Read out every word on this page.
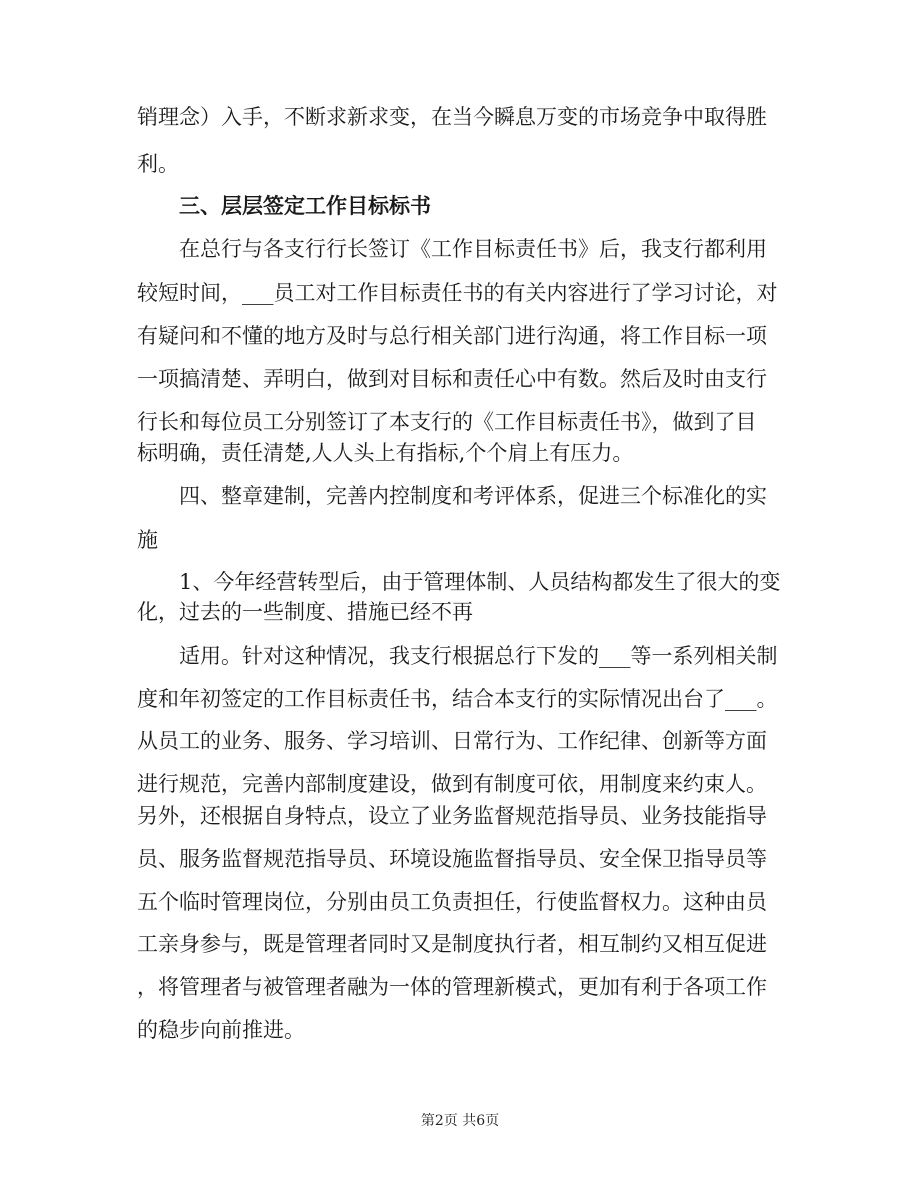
销理念）入手，不断求新求变，在当今瞬息万变的市场竞争中取得胜
利。
三、层层签定工作目标标书
在总行与各支行行长签订《工作目标责任书》后，我支行都利用
较短时间，___员工对工作目标责任书的有关内容进行了学习讨论，对
有疑问和不懂的地方及时与总行相关部门进行沟通，将工作目标一项
一项搞清楚、弄明白，做到对目标和责任心中有数。然后及时由支行
行长和每位员工分别签订了本支行的《工作目标责任书》，做到了目
标明确，责任清楚,人人头上有指标,个个肩上有压力。
四、整章建制，完善内控制度和考评体系，促进三个标准化的实
施
1、今年经营转型后，由于管理体制、人员结构都发生了很大的变
化，过去的一些制度、措施已经不再
适用。针对这种情况，我支行根据总行下发的___等一系列相关制
度和年初签定的工作目标责任书，结合本支行的实际情况出台了___。
从员工的业务、服务、学习培训、日常行为、工作纪律、创新等方面
进行规范，完善内部制度建设，做到有制度可依，用制度来约束人。
另外，还根据自身特点，设立了业务监督规范指导员、业务技能指导
员、服务监督规范指导员、环境设施监督指导员、安全保卫指导员等
五个临时管理岗位，分别由员工负责担任，行使监督权力。这种由员
工亲身参与，既是管理者同时又是制度执行者，相互制约又相互促进
，将管理者与被管理者融为一体的管理新模式，更加有利于各项工作
的稳步向前推进。
第2页 共6页
